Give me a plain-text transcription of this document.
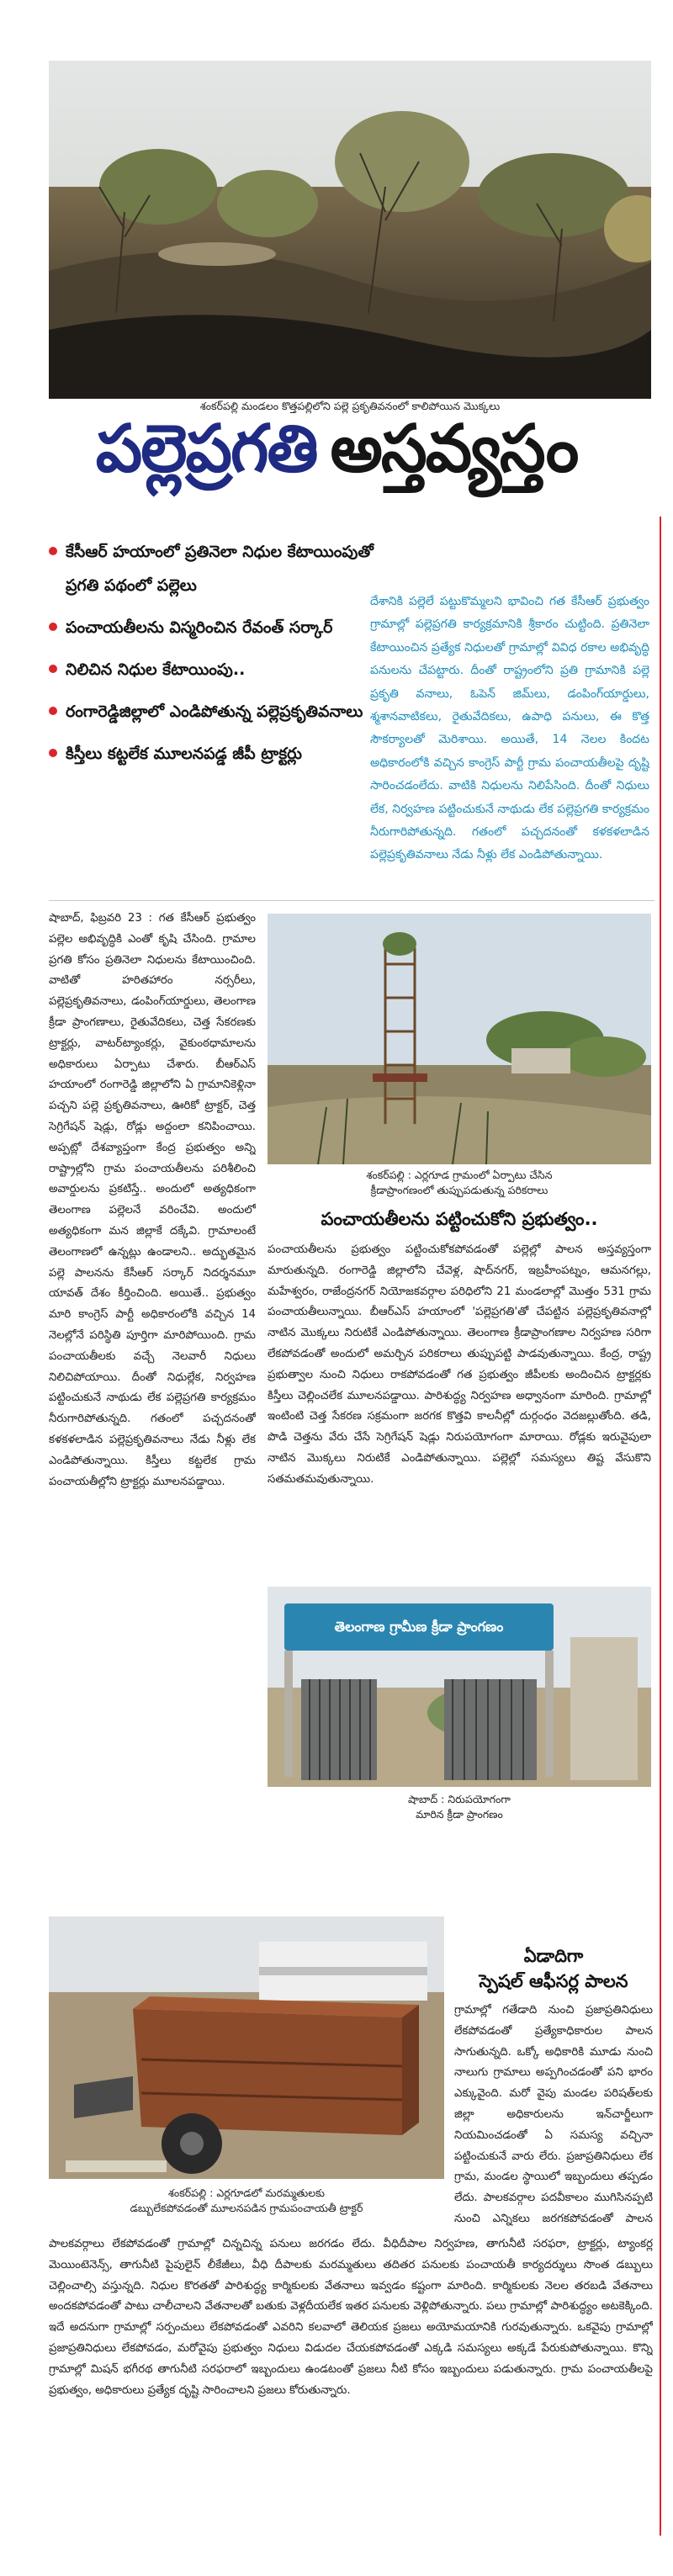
శంకర్‌పల్లి మండలం కొత్తపల్లిలోని పల్లె ప్రకృతివనంలో కాలిపోయిన మొక్కలు
పల్లెప్రగతి అస్తవ్యస్తం
కేసీఆర్ హయాంలో ప్రతినెలా నిధుల కేటాయింపుతో ప్రగతి పథంలో పల్లెలు
పంచాయతీలను విస్మరించిన రేవంత్ సర్కార్
నిలిచిన నిధుల కేటాయింపు..
రంగారెడ్డిజిల్లాలో ఎండిపోతున్న పల్లెప్రకృతివనాలు
కిస్తీలు కట్టలేక మూలనపడ్డ జీపీ ట్రాక్టర్లు
దేశానికి పల్లెలే పట్టుకొమ్మలని భావించి గత కేసీఆర్ ప్రభుత్వం గ్రామాల్లో పల్లెప్రగతి కార్యక్రమానికి శ్రీకారం చుట్టింది. ప్రతినెలా కేటాయించిన ప్రత్యేక నిధులతో గ్రామాల్లో వివిధ రకాల అభివృద్ధి పనులను చేపట్టారు. దీంతో రాష్ట్రంలోని ప్రతి గ్రామానికి పల్లె ప్రకృతి వనాలు, ఓపెన్ జిమ్‌లు, డంపింగ్‌యార్డులు, శ్మశానవాటికలు, రైతువేదికలు, ఉపాధి పనులు, ఈ కొత్త సౌకర్యాలతో మెరిశాయి. అయితే, 14 నెలల కింద‌ట అధికారంలోకి వచ్చిన కాంగ్రెస్ పార్టీ గ్రామ పంచాయతీలపై దృష్టి సారించ‌డంలేదు. వాటికి నిధులను నిలిపేసింది. దీంతో నిధులు లేక, నిర్వహణ పట్టించుకునే నాథుడు లేక పల్లెప్రగతి కార్యక్రమం నీరుగారిపోతున్నది. గతంలో పచ్చదనంతో కళకళలాడిన పల్లెప్రకృతివనాలు నేడు నీళ్లు లేక ఎండిపోతున్నాయి.
షాబాద్, ఫిబ్రవరి 23 : గత కేసీఆర్ ప్రభుత్వం పల్లెల అభివృద్ధికి ఎంతో కృషి చేసింది. గ్రామాల ప్రగతి కోసం ప్రతినెలా నిధులను కేటాయించింది. వాటితో హరితహారం నర్సరీలు, పల్లెప్రకృతివనాలు, డంపింగ్‌యార్డులు, తెలంగాణ క్రీడా ప్రాంగణాలు, రైతువేదికలు, చెత్త సేకరణకు ట్రాక్టర్లు, వాటర్‌ట్యాంకర్లు, వైకుంఠధామాలను అధికారులు ఏర్పాటు చేశారు. బీఆర్ఎస్ హయాంలో రంగారెడ్డి జిల్లాలోని ఏ గ్రామానికెళ్లినా పచ్చని పల్లె ప్రకృతివనాలు, ఊరికో ట్రాక్టర్, చెత్త సెగ్రిగేషన్ షెడ్లు, రోడ్లు అద్దంలా కనిపించాయి. అప్పట్లో దేశవ్యాప్తంగా కేంద్ర ప్రభుత్వం అన్ని రాష్ట్రాల్లోని గ్రామ పంచాయతీలను పరిశీలించి అవార్డులను ప్రకటిస్తే.. అందులో అత్యధికంగా తెలంగాణ పల్లెలనే వరించేవి. అందులో అత్యధికంగా మన జిల్లాకే దక్కేవి. గ్రామాలంటే తెలంగాణలో ఉన్నట్లు ఉండాలని.. అద్భుతమైన పల్లె పాలనను కేసీఆర్ సర్కార్ నిదర్శనమూ యావత్ దేశం కీర్తించింది. అయితే.. ప్రభుత్వం మారి కాంగ్రెస్ పార్టీ అధికారంలోకి వచ్చిన 14 నెలల్లోనే పరిస్థితి పూర్తిగా మారిపోయింది. గ్రామ పంచాయతీలకు వచ్చే నెలవారీ నిధులు నిలిచిపోయాయి. దీంతో నిధుల్లేక, నిర్వహణ పట్టించుకునే నాథుడు లేక పల్లెప్రగతి కార్యక్రమం నీరుగారిపోతున్నది. గతంలో పచ్చదనంతో కళకళలాడిన పల్లెప్రకృతివనాలు నేడు నీళ్లు లేక ఎండిపోతున్నాయి. కిస్తీలు కట్టలేక గ్రామ పంచాయతీల్లోని ట్రాక్టర్లు మూలనపడ్డాయి.
శంకర్‌పల్లి : ఎర్లగూడ గ్రామంలో ఏర్పాటు చేసిన
క్రీడాప్రాంగణంలో తుప్పుపడుతున్న పరికరాలు
పంచాయతీలను పట్టించుకోని ప్రభుత్వం..
పంచాయతీలను ప్రభుత్వం పట్టించుకోకపోవడంతో పల్లెల్లో పాలన అస్తవ్యస్తంగా మారుతున్నది. రంగారెడ్డి జిల్లాలోని చేవెళ్ల, షాద్‌నగర్, ఇబ్రహీంపట్నం, ఆమనగల్లు, మహేశ్వరం, రాజేంద్రనగర్ నియోజకవర్గాల పరిధిలోని 21 మండలాల్లో మొత్తం 531 గ్రామ పంచాయతీలున్నాయి. బీఆర్ఎస్ హయాంలో 'పల్లెప్రగతి'తో చేపట్టిన పల్లెప్రకృతివనాల్లో నాటిన మొక్కలు నిరుటికే ఎండిపోతున్నాయి. తెలంగాణ క్రీడాప్రాంగణాల నిర్వహణ సరిగా లేకపోవడంతో అందులో అమర్చిన పరికరాలు తుప్పుపట్టి పాడవుతున్నాయి. కేంద్ర, రాష్ట్ర ప్రభుత్వాల నుంచి నిధులు రాకపోవడంతో గత ప్రభుత్వం జీపీలకు అందించిన ట్రాక్టర్లకు కిస్తీలు చెల్లించలేక మూలనపడ్డాయి. పారిశుద్ధ్య నిర్వహణ అధ్వానంగా మారింది. గ్రామాల్లో ఇంటింటి చెత్త సేకరణ సక్రమంగా జరగక కొత్తవి కాలనీల్లో దుర్గంధం వెదజల్లుతోంది. తడి, పొడి చెత్తను వేరు చేసే సెగ్రిగేషన్ షెడ్లు నిరుపయోగంగా మారాయి. రోడ్లకు ఇరువైపులా నాటిన మొక్కలు నిరుటికే ఎండిపోతున్నాయి. పల్లెల్లో సమస్యలు తిష్ట వేసుకొని సతమతమవుతున్నాయి.
తెలంగాణ గ్రామీణ క్రీడా ప్రాంగణం
షాబాద్ : నిరుపయోగంగా
మారిన క్రీడా ప్రాంగణం
శంకర్‌పల్లి : ఎర్లగూడలో మరమ్మతులకు
డబ్బులేకపోవడంతో మూలనపడిన గ్రామపంచాయతీ ట్రాక్టర్
ఏడాదిగా
స్పెషల్ ఆఫీసర్ల పాలన
గ్రామాల్లో గతేడాది నుంచి ప్రజాప్రతినిధులు లేకపోవడంతో ప్రత్యేకాధికారుల పాలన సాగుతున్నది. ఒక్కో అధికారికి మూడు నుంచి నాలుగు గ్రామాలు అప్పగించడంతో పని భారం ఎక్కువైంది. మరో వైపు మండల పరిషత్‌లకు జిల్లా అధికారులను ఇన్‌చార్జీలుగా నియమించడంతో ఏ సమస్య వచ్చినా పట్టించుకునే వారు లేరు. ప్రజాప్రతినిధులు లేక గ్రామ, మండల స్థాయిలో ఇబ్బందులు తప్పడం లేదు. పాలకవర్గాల పదవీకాలం ముగిసినప్పటి నుంచి ఎన్నికలు జరగకపోవడంతో పాలన
పాలకవర్గాలు లేకపోవడంతో గ్రామాల్లో చిన్నచిన్న పనులు జరగడం లేదు. వీధిదీపాల నిర్వహణ, తాగునీటి సరఫరా, ట్రాక్టర్లు, ట్యాంకర్ల మెయింటెనెన్స్, తాగునీటి పైపులైన్ లీకేజీలు, వీధి దీపాలకు మరమ్మతులు తదితర పనులకు పంచాయతీ కార్యదర్శులు సొంత డబ్బులు చెల్లించాల్సి వస్తున్నది. నిధుల కొరతతో పారిశుద్ధ్య కార్మికులకు వేతనాలు ఇవ్వడం కష్టంగా మారింది. కార్మికులకు నెలల తరబడి వేతనాలు అందకపోవడంతో పాటు చాలీచాలని వేతనాలతో బతుకు వెళ్లదీయలేక ఇతర పనులకు వెళ్లిపోతున్నారు. పలు గ్రామాల్లో పారిశుద్ధ్యం అటకెక్కింది. ఇదే అదనుగా గ్రామాల్లో సర్పంచులు లేకపోవడంతో ఎవరిని కలవాలో తెలియక ప్రజలు అయోమయానికి గురవుతున్నారు. ఒకవైపు గ్రామాల్లో ప్రజాప్రతినిధులు లేకపోవడం, మరోవైపు ప్రభుత్వం నిధులు విడుదల చేయకపోవడంతో ఎక్కడి సమస్యలు అక్కడే పేరుకుపోతున్నాయి. కొన్ని గ్రామాల్లో మిషన్ భగీరథ తాగునీటి సరఫరాలో ఇబ్బందులు ఉండటంతో ప్రజలు నీటి కోసం ఇబ్బందులు పడుతున్నారు. గ్రామ పంచాయతీలపై ప్రభుత్వం, అధికారులు ప్రత్యేక దృష్టి సారించాలని ప్రజలు కోరుతున్నారు.
